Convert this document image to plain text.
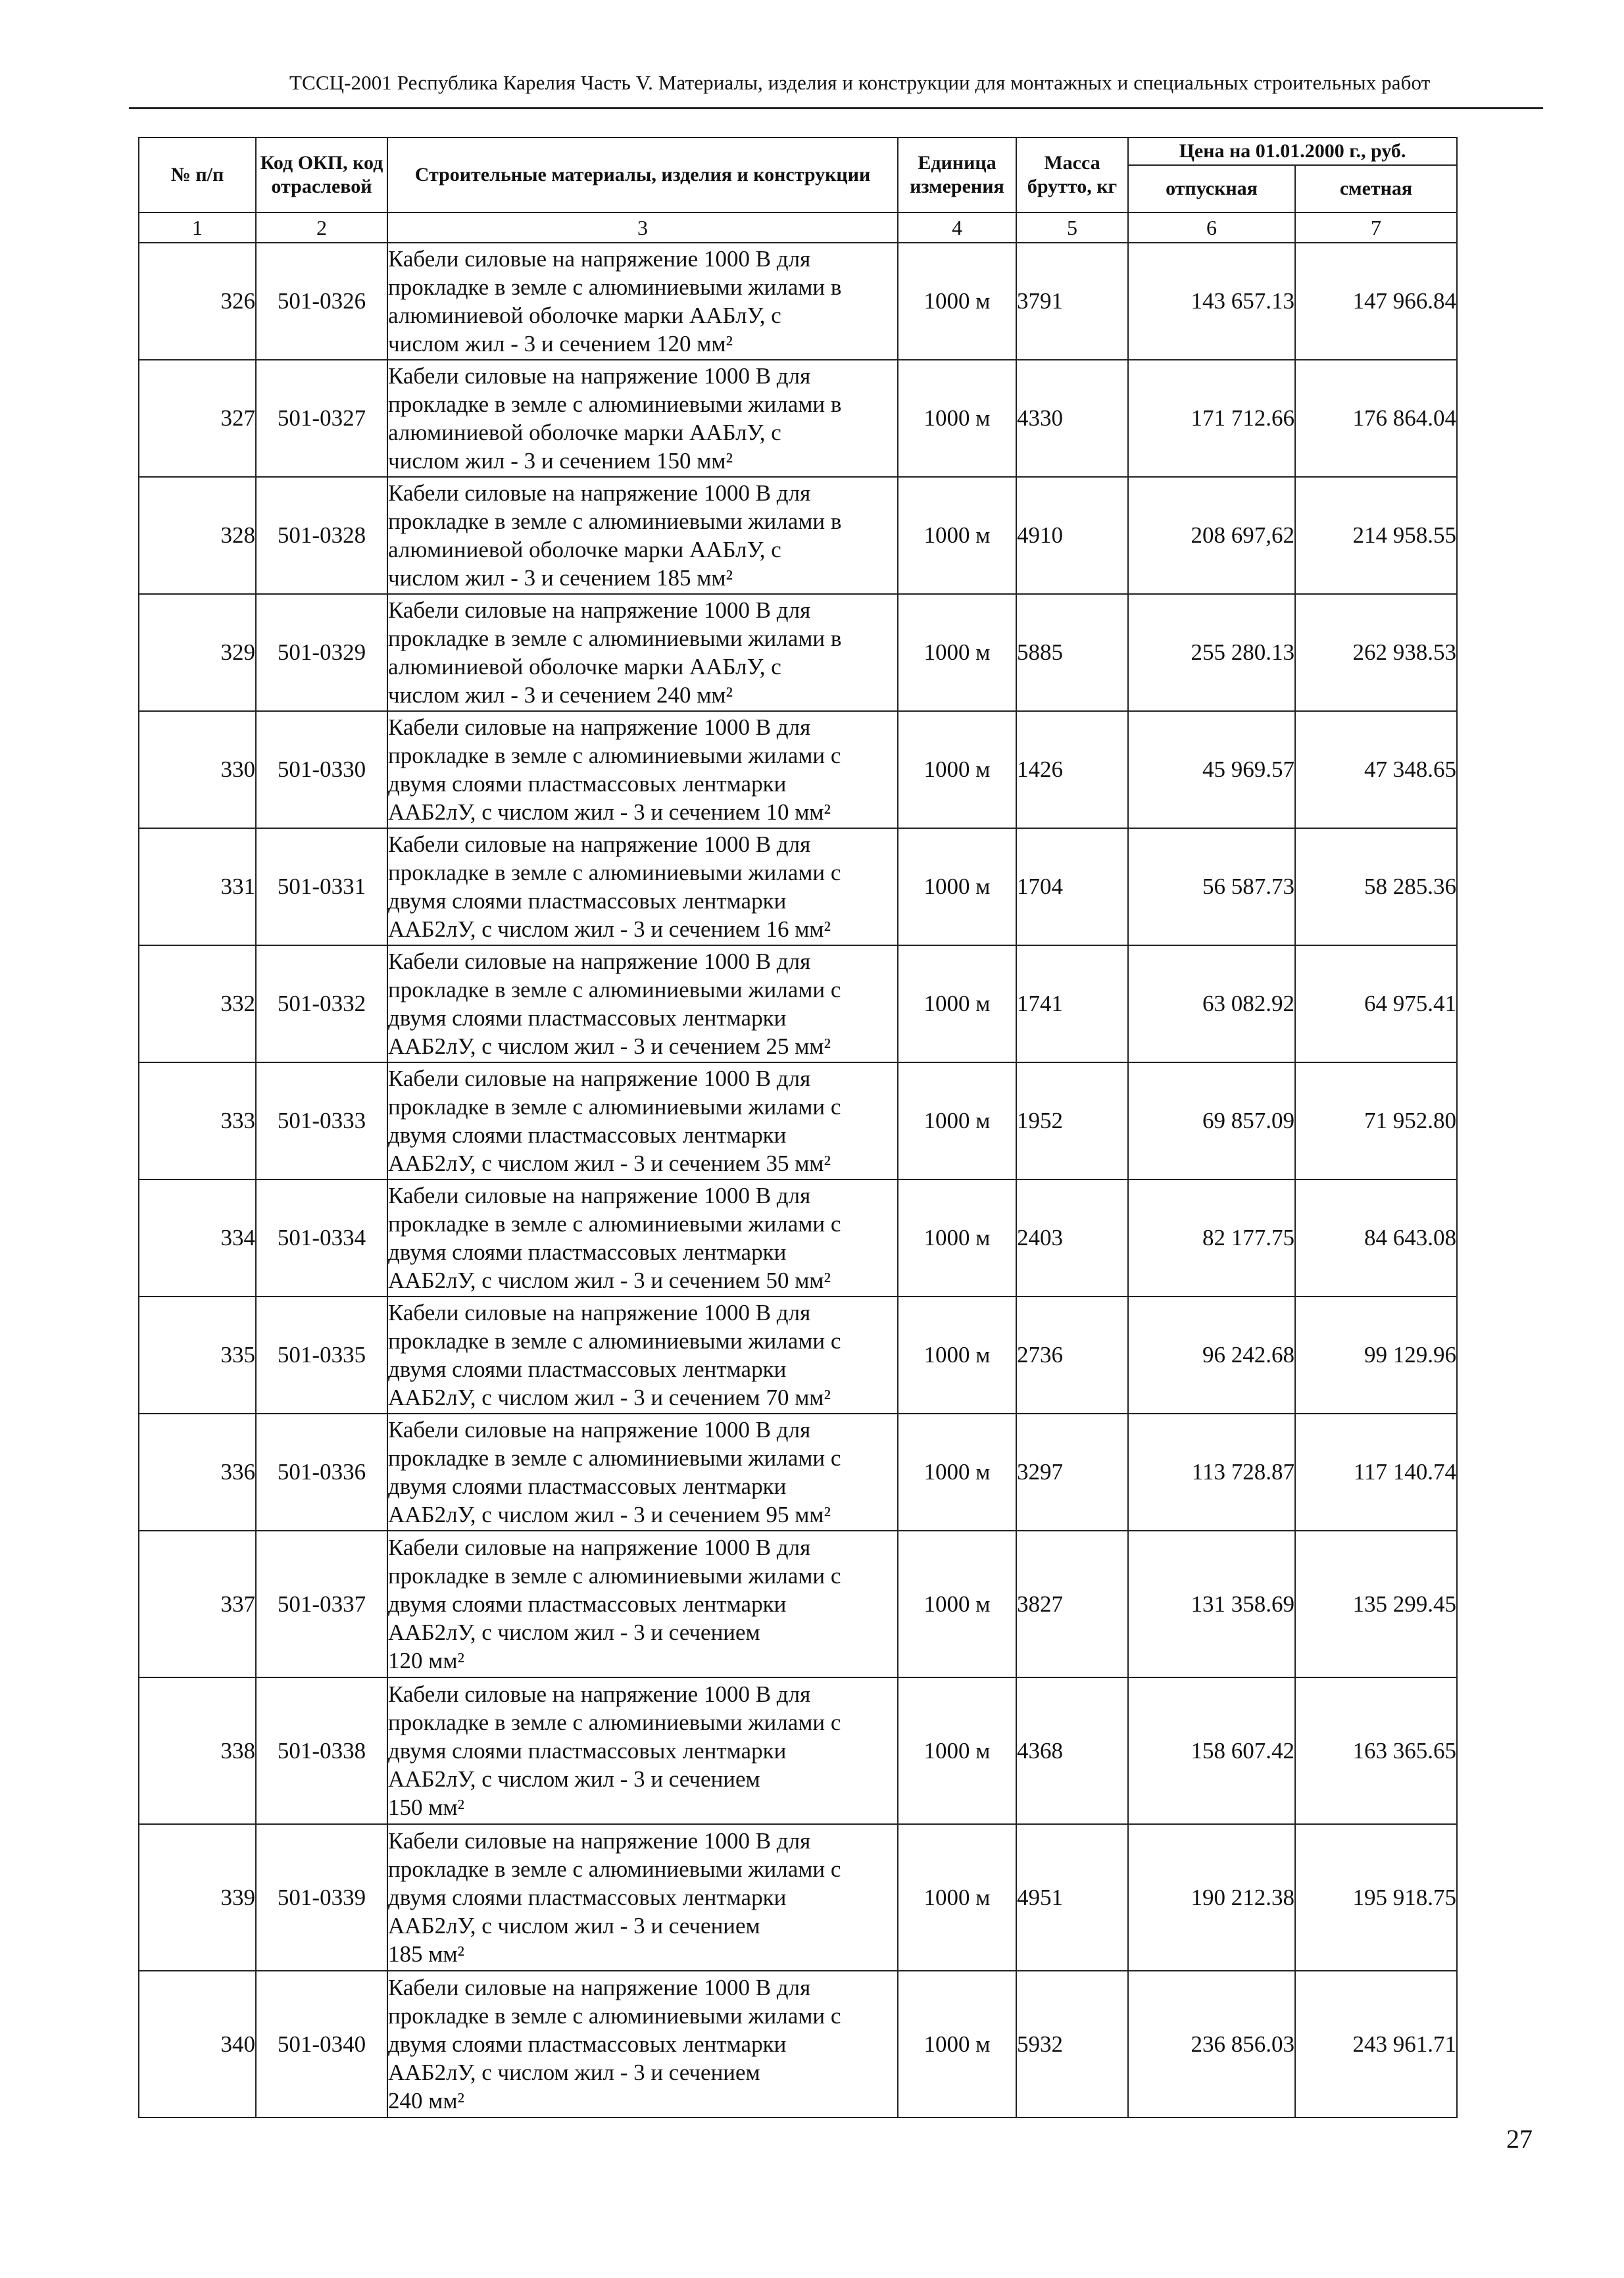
ТССЦ-2001 Республика Карелия Часть V. Материалы, изделия и конструкции для монтажных и специальных строительных работ
№ п/п	Код ОКП, код отраслевой	Строительные материалы, изделия и конструкции	Единица измерения	Масса брутто, кг	Цена на 01.01.2000 г., руб.	
					отпускная	сметная
1	2	3	4	5	6	7
326	501-0326	Кабели силовые на напряжение 1000 В для
прокладке в земле с алюминиевыми жилами в
алюминиевой оболочке марки ААБлУ, с
числом жил - 3 и сечением 120 мм²	1000 м	3791	143 657.13	147 966.84
327	501-0327	Кабели силовые на напряжение 1000 В для
прокладке в земле с алюминиевыми жилами в
алюминиевой оболочке марки ААБлУ, с
числом жил - 3 и сечением 150 мм²	1000 м	4330	171 712.66	176 864.04
328	501-0328	Кабели силовые на напряжение 1000 В для
прокладке в земле с алюминиевыми жилами в
алюминиевой оболочке марки ААБлУ, с
числом жил - 3 и сечением 185 мм²	1000 м	4910	208 697,62	214 958.55
329	501-0329	Кабели силовые на напряжение 1000 В для
прокладке в земле с алюминиевыми жилами в
алюминиевой оболочке марки ААБлУ, с
числом жил - 3 и сечением 240 мм²	1000 м	5885	255 280.13	262 938.53
330	501-0330	Кабели силовые на напряжение 1000 В для
прокладке в земле с алюминиевыми жилами с
двумя слоями пластмассовых лентмарки
ААБ2лУ, с числом жил - 3 и сечением 10 мм²	1000 м	1426	45 969.57	47 348.65
331	501-0331	Кабели силовые на напряжение 1000 В для
прокладке в земле с алюминиевыми жилами с
двумя слоями пластмассовых лентмарки
ААБ2лУ, с числом жил - 3 и сечением 16 мм²	1000 м	1704	56 587.73	58 285.36
332	501-0332	Кабели силовые на напряжение 1000 В для
прокладке в земле с алюминиевыми жилами с
двумя слоями пластмассовых лентмарки
ААБ2лУ, с числом жил - 3 и сечением 25 мм²	1000 м	1741	63 082.92	64 975.41
333	501-0333	Кабели силовые на напряжение 1000 В для
прокладке в земле с алюминиевыми жилами с
двумя слоями пластмассовых лентмарки
ААБ2лУ, с числом жил - 3 и сечением 35 мм²	1000 м	1952	69 857.09	71 952.80
334	501-0334	Кабели силовые на напряжение 1000 В для
прокладке в земле с алюминиевыми жилами с
двумя слоями пластмассовых лентмарки
ААБ2лУ, с числом жил - 3 и сечением 50 мм²	1000 м	2403	82 177.75	84 643.08
335	501-0335	Кабели силовые на напряжение 1000 В для
прокладке в земле с алюминиевыми жилами с
двумя слоями пластмассовых лентмарки
ААБ2лУ, с числом жил - 3 и сечением 70 мм²	1000 м	2736	96 242.68	99 129.96
336	501-0336	Кабели силовые на напряжение 1000 В для
прокладке в земле с алюминиевыми жилами с
двумя слоями пластмассовых лентмарки
ААБ2лУ, с числом жил - 3 и сечением 95 мм²	1000 м	3297	113 728.87	117 140.74
337	501-0337	Кабели силовые на напряжение 1000 В для
прокладке в земле с алюминиевыми жилами с
двумя слоями пластмассовых лентмарки
ААБ2лУ, с числом жил - 3 и сечением
120 мм²	1000 м	3827	131 358.69	135 299.45
338	501-0338	Кабели силовые на напряжение 1000 В для
прокладке в земле с алюминиевыми жилами с
двумя слоями пластмассовых лентмарки
ААБ2лУ, с числом жил - 3 и сечением
150 мм²	1000 м	4368	158 607.42	163 365.65
339	501-0339	Кабели силовые на напряжение 1000 В для
прокладке в земле с алюминиевыми жилами с
двумя слоями пластмассовых лентмарки
ААБ2лУ, с числом жил - 3 и сечением
185 мм²	1000 м	4951	190 212.38	195 918.75
340	501-0340	Кабели силовые на напряжение 1000 В для
прокладке в земле с алюминиевыми жилами с
двумя слоями пластмассовых лентмарки
ААБ2лУ, с числом жил - 3 и сечением
240 мм²	1000 м	5932	236 856.03	243 961.71
27
